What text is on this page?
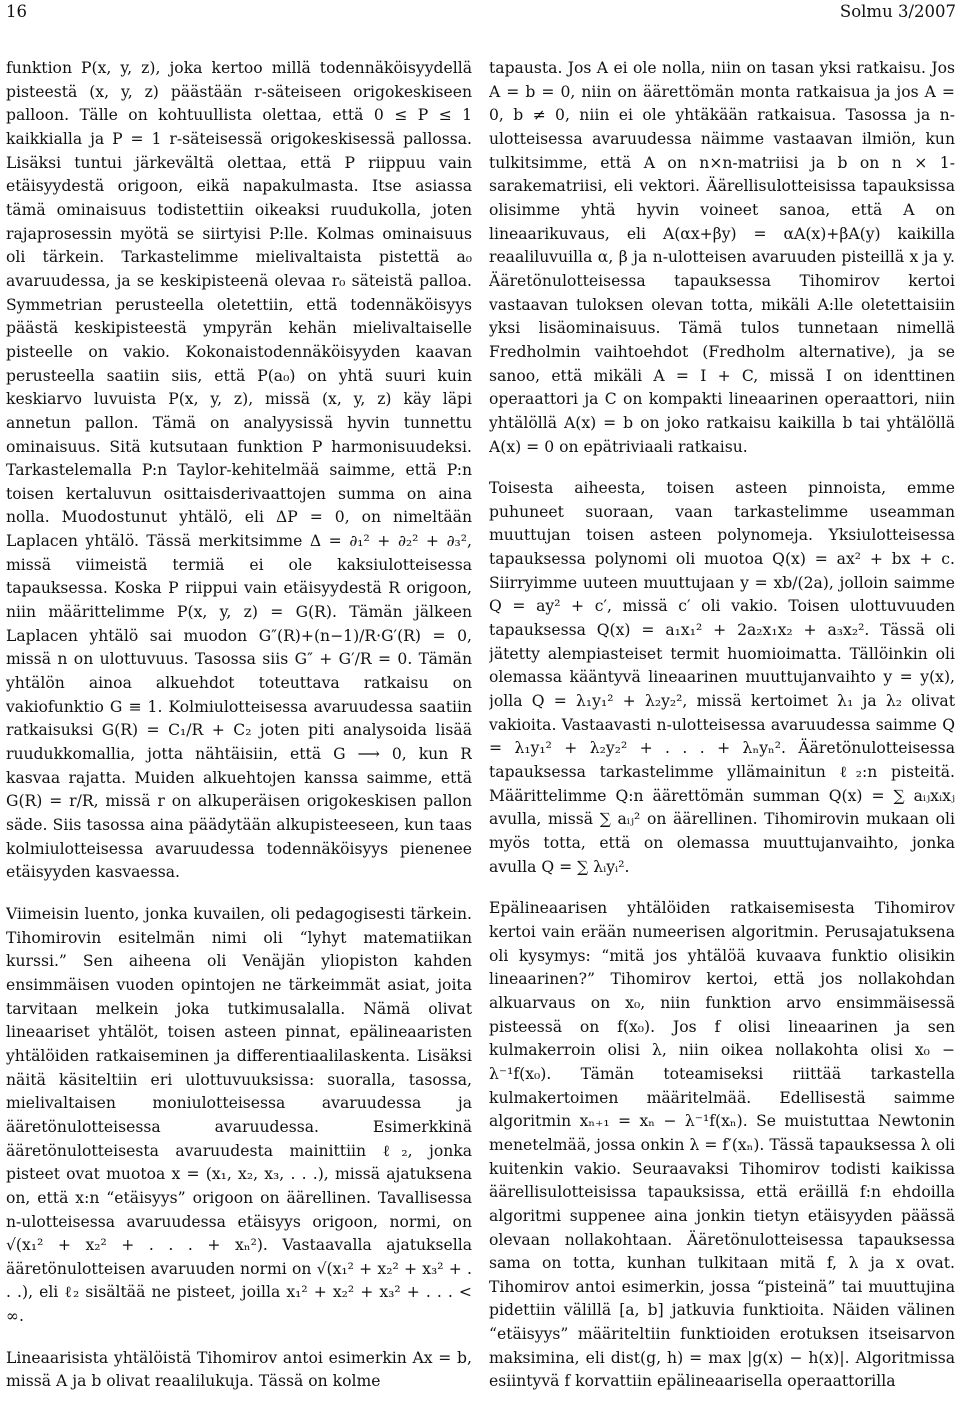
16	Solmu 3/2007

funktion P(x, y, z), joka kertoo millä todennäköisyydellä pisteestä (x, y, z) päästään r-säteiseen origokeskiseen palloon. Tälle on kohtuullista olettaa, että 0 ≤ P ≤ 1 kaikkialla ja P = 1 r-säteisessä origokeskisessä pallossa. Lisäksi tuntui järkevältä olettaa, että P riippuu vain etäisyydestä origoon, eikä napakulmasta. Itse asiassa tämä ominaisuus todistettiin oikeaksi ruudukolla, joten rajaprosessin myötä se siirtyisi P:lle. Kolmas ominaisuus oli tärkein. Tarkastelimme mielivaltaista pistettä a₀ avaruudessa, ja se keskipisteenä olevaa r₀ säteistä palloa. Symmetrian perusteella oletettiin, että todennäköisyys päästä keskipisteestä ympyrän kehän mielivaltaiselle pisteelle on vakio. Kokonaistodennäköisyyden kaavan perusteella saatiin siis, että P(a₀) on yhtä suuri kuin keskiarvo luvuista P(x, y, z), missä (x, y, z) käy läpi annetun pallon. Tämä on analyysissä hyvin tunnettu ominaisuus. Sitä kutsutaan funktion P harmonisuudeksi. Tarkastelemalla P:n Taylor-kehitelmää saimme, että P:n toisen kertaluvun osittaisderivaattojen summa on aina nolla. Muodostunut yhtälö, eli ΔP = 0, on nimeltään Laplacen yhtälö. Tässä merkitsimme Δ = ∂₁² + ∂₂² + ∂₃², missä viimeistä termiä ei ole kaksiulotteisessa tapauksessa. Koska P riippui vain etäisyydestä R origoon, niin määrittelimme P(x, y, z) = G(R). Tämän jälkeen Laplacen yhtälö sai muodon G″(R)+(n−1)/R·G′(R) = 0, missä n on ulottuvuus. Tasossa siis G″ + G′/R = 0. Tämän yhtälön ainoa alkuehdot toteuttava ratkaisu on vakiofunktio G ≡ 1. Kolmiulotteisessa avaruudessa saatiin ratkaisuksi G(R) = C₁/R + C₂ joten piti analysoida lisää ruudukkomallia, jotta nähtäisiin, että G ⟶ 0, kun R kasvaa rajatta. Muiden alkuehtojen kanssa saimme, että G(R) = r/R, missä r on alkuperäisen origokeskisen pallon säde. Siis tasossa aina päädytään alkupisteeseen, kun taas kolmiulotteisessa avaruudessa todennäköisyys pienenee etäisyyden kasvaessa.

Viimeisin luento, jonka kuvailen, oli pedagogisesti tärkein. Tihomirovin esitelmän nimi oli “lyhyt matematiikan kurssi.” Sen aiheena oli Venäjän yliopiston kahden ensimmäisen vuoden opintojen ne tärkeimmät asiat, joita tarvitaan melkein joka tutkimusalalla. Nämä olivat lineaariset yhtälöt, toisen asteen pinnat, epälineaaristen yhtälöiden ratkaiseminen ja differentiaalilaskenta. Lisäksi näitä käsiteltiin eri ulottuvuuksissa: suoralla, tasossa, mielivaltaisen moniulotteisessa avaruudessa ja ääretönulotteisessa avaruudessa. Esimerkkinä ääretönulotteisesta avaruudesta mainittiin ℓ₂, jonka pisteet ovat muotoa x = (x₁, x₂, x₃, . . .), missä ajatuksena on, että x:n “etäisyys” origoon on äärellinen. Tavallisessa n-ulotteisessa avaruudessa etäisyys origoon, normi, on √(x₁² + x₂² + . . . + xₙ²). Vastaavalla ajatuksella ääretönulotteisen avaruuden normi on √(x₁² + x₂² + x₃² + . . .), eli ℓ₂ sisältää ne pisteet, joilla x₁² + x₂² + x₃² + . . . < ∞.

Lineaarisista yhtälöistä Tihomirov antoi esimerkin Ax = b, missä A ja b olivat reaalilukuja. Tässä on kolme

tapausta. Jos A ei ole nolla, niin on tasan yksi ratkaisu. Jos A = b = 0, niin on äärettömän monta ratkaisua ja jos A = 0, b ≠ 0, niin ei ole yhtäkään ratkaisua. Tasossa ja n-ulotteisessa avaruudessa näimme vastaavan ilmiön, kun tulkitsimme, että A on n×n-matriisi ja b on n × 1-sarakematriisi, eli vektori. Äärellisulotteisissa tapauksissa olisimme yhtä hyvin voineet sanoa, että A on lineaarikuvaus, eli A(αx+βy) = αA(x)+βA(y) kaikilla reaaliluvuilla α, β ja n-ulotteisen avaruuden pisteillä x ja y. Ääretönulotteisessa tapauksessa Tihomirov kertoi vastaavan tuloksen olevan totta, mikäli A:lle oletettaisiin yksi lisäominaisuus. Tämä tulos tunnetaan nimellä Fredholmin vaihtoehdot (Fredholm alternative), ja se sanoo, että mikäli A = I + C, missä I on identtinen operaattori ja C on kompakti lineaarinen operaattori, niin yhtälöllä A(x) = b on joko ratkaisu kaikilla b tai yhtälöllä A(x) = 0 on epätriviaali ratkaisu.

Toisesta aiheesta, toisen asteen pinnoista, emme puhuneet suoraan, vaan tarkastelimme useamman muuttujan toisen asteen polynomeja. Yksiulotteisessa tapauksessa polynomi oli muotoa Q(x) = ax² + bx + c. Siirryimme uuteen muuttujaan y = xb/(2a), jolloin saimme Q = ay² + c′, missä c′ oli vakio. Toisen ulottuvuuden tapauksessa Q(x) = a₁x₁² + 2a₂x₁x₂ + a₃x₂². Tässä oli jätetty alempiasteiset termit huomioimatta. Tällöinkin oli olemassa kääntyvä lineaarinen muuttujanvaihto y = y(x), jolla Q = λ₁y₁² + λ₂y₂², missä kertoimet λ₁ ja λ₂ olivat vakioita. Vastaavasti n-ulotteisessa avaruudessa saimme Q = λ₁y₁² + λ₂y₂² + . . . + λₙyₙ². Ääretönulotteisessa tapauksessa tarkastelimme yllämainitun ℓ₂:n pisteitä. Määrittelimme Q:n äärettömän summan Q(x) = ∑ aᵢⱼxᵢxⱼ avulla, missä ∑ aᵢⱼ² on äärellinen. Tihomirovin mukaan oli myös totta, että on olemassa muuttujanvaihto, jonka avulla Q = ∑ λᵢyᵢ².

Epälineaarisen yhtälöiden ratkaisemisesta Tihomirov kertoi vain erään numeerisen algoritmin. Perusajatuksena oli kysymys: “mitä jos yhtälöä kuvaava funktio olisikin lineaarinen?” Tihomirov kertoi, että jos nollakohdan alkuarvaus on x₀, niin funktion arvo ensimmäisessä pisteessä on f(x₀). Jos f olisi lineaarinen ja sen kulmakerroin olisi λ, niin oikea nollakohta olisi x₀ − λ⁻¹f(x₀). Tämän toteamiseksi riittää tarkastella kulmakertoimen määritelmää. Edellisestä saimme algoritmin xₙ₊₁ = xₙ − λ⁻¹f(xₙ). Se muistuttaa Newtonin menetelmää, jossa onkin λ = f′(xₙ). Tässä tapauksessa λ oli kuitenkin vakio. Seuraavaksi Tihomirov todisti kaikissa äärellisulotteisissa tapauksissa, että eräillä f:n ehdoilla algoritmi suppenee aina jonkin tietyn etäisyyden päässä olevaan nollakohtaan. Ääretönulotteisessa tapauksessa sama on totta, kunhan tulkitaan mitä f, λ ja x ovat. Tihomirov antoi esimerkin, jossa “pisteinä” tai muuttujina pidettiin välillä [a, b] jatkuvia funktioita. Näiden välinen “etäisyys” määriteltiin funktioiden erotuksen itseisarvon maksimina, eli dist(g, h) = max |g(x) − h(x)|. Algoritmissa esiintyvä f korvattiin epälineaarisella operaattorilla
